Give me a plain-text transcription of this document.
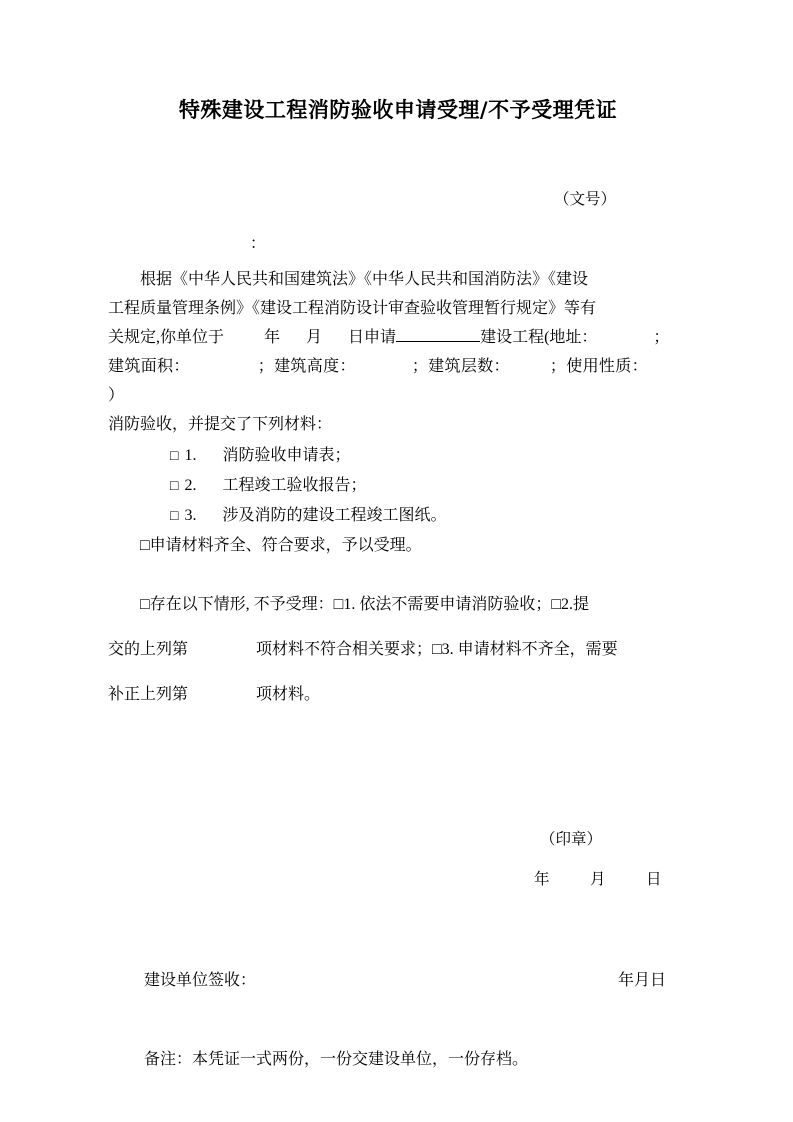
特殊建设工程消防验收申请受理/不予受理凭证
（文号）
：

根据《中华人民共和国建筑法》《中华人民共和国消防法》《建设

工程质量管理条例》《建设工程消防设计审查验收管理暂行规定》等有

关规定,你单位于	年 月 日申请	建设工程(地址：	；

建筑面积：	；建筑高度：	；建筑层数：	；使用性质：）

消防验收，并提交了下列材料：

□ 1. 消防验收申请表；
□ 2. 工程竣工验收报告；
□ 3. 涉及消防的建设工程竣工图纸。
□申请材料齐全、符合要求，予以受理。

□存在以下情形, 不予受理：□1. 依法不需要申请消防验收；□2.提

交的上列第	项材料不符合相关要求；□3. 申请材料不齐全，需要

补正上列第	项材料。

（印章）
年	月	日
建设单位签收：	年月日
备注：本凭证一式两份，一份交建设单位，一份存档。
